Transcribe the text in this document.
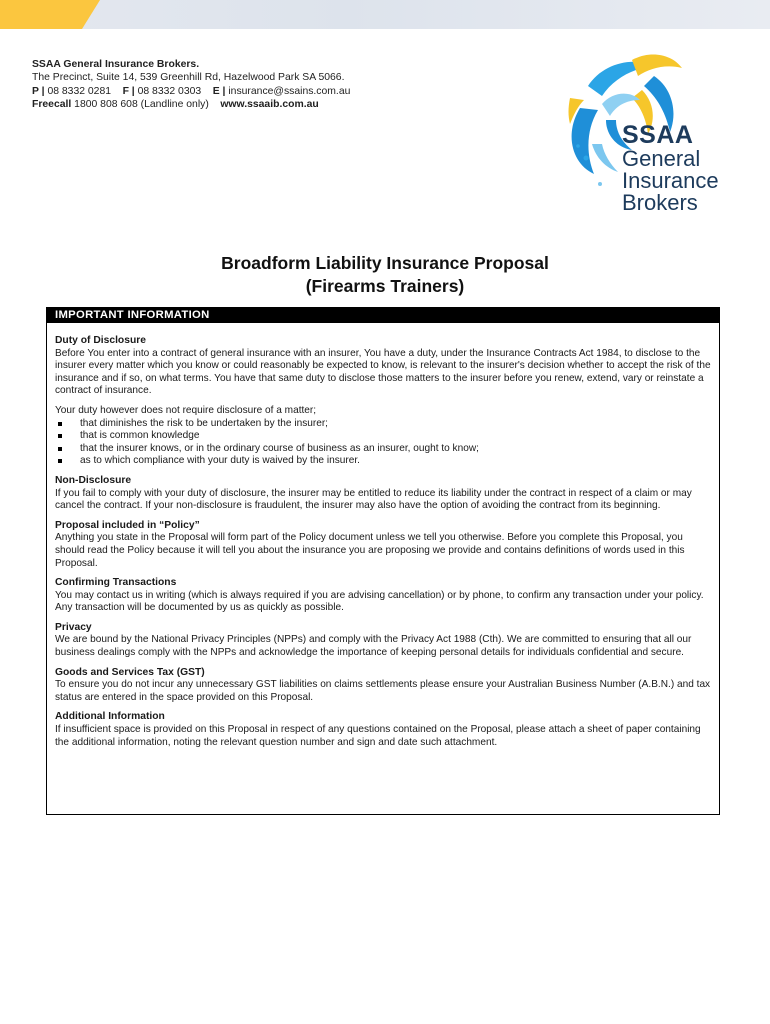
SSAA General Insurance Brokers.
The Precinct, Suite 14, 539 Greenhill Rd, Hazelwood Park SA 5066.
P | 08 8332 0281 F | 08 8332 0303 E | insurance@ssains.com.au
Freecall 1800 808 608 (Landline only) www.ssaaib.com.au
SSAA
General
Insurance
Brokers
Broadform Liability Insurance Proposal
(Firearms Trainers)
IMPORTANT INFORMATION
Duty of Disclosure

Before You enter into a contract of general insurance with an insurer, You have a duty, under the Insurance Contracts Act 1984, to disclose to the insurer every matter which you know or could reasonably be expected to know, is relevant to the insurer's decision whether to accept the risk of the insurance and if so, on what terms. You have that same duty to disclose those matters to the insurer before you renew, extend, vary or reinstate a contract of insurance.

Your duty however does not require disclosure of a matter;

that diminishes the risk to be undertaken by the insurer;
that is common knowledge
that the insurer knows, or in the ordinary course of business as an insurer, ought to know;
as to which compliance with your duty is waived by the insurer.
Non-Disclosure

If you fail to comply with your duty of disclosure, the insurer may be entitled to reduce its liability under the contract in respect of a claim or may cancel the contract. If your non-disclosure is fraudulent, the insurer may also have the option of avoiding the contract from its beginning.

Proposal included in “Policy”

Anything you state in the Proposal will form part of the Policy document unless we tell you otherwise. Before you complete this Proposal, you should read the Policy because it will tell you about the insurance you are proposing we provide and contains definitions of words used in this Proposal.

Confirming Transactions

You may contact us in writing (which is always required if you are advising cancellation) or by phone, to confirm any transaction under your policy. Any transaction will be documented by us as quickly as possible.

Privacy

We are bound by the National Privacy Principles (NPPs) and comply with the Privacy Act 1988 (Cth). We are committed to ensuring that all our business dealings comply with the NPPs and acknowledge the importance of keeping personal details for individuals confidential and secure.

Goods and Services Tax (GST)

To ensure you do not incur any unnecessary GST liabilities on claims settlements please ensure your Australian Business Number (A.B.N.) and tax status are entered in the space provided on this Proposal.

Additional Information

If insufficient space is provided on this Proposal in respect of any questions contained on the Proposal, please attach a sheet of paper containing the additional information, noting the relevant question number and sign and date such attachment.
